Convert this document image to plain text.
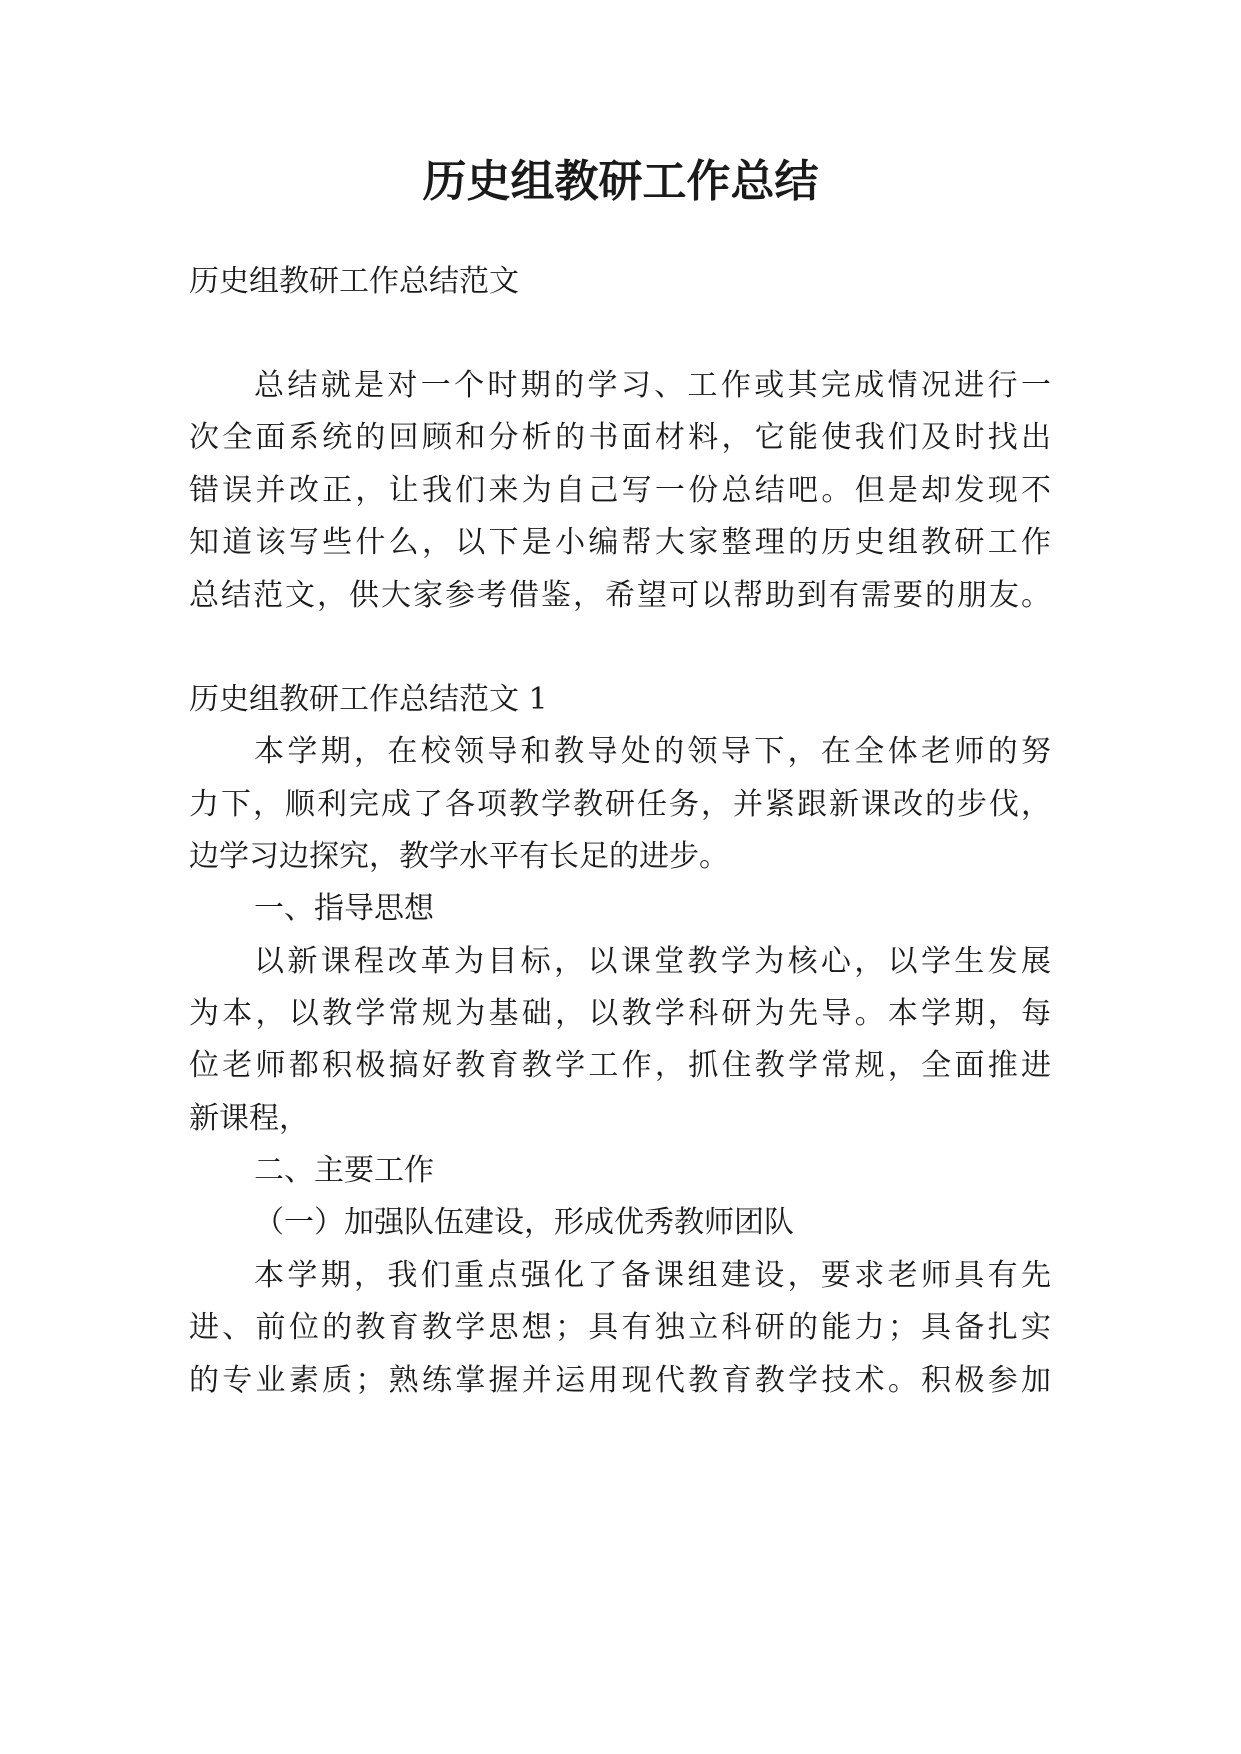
历史组教研工作总结

历史组教研工作总结范文

总结就是对一个时期的学习、工作或其完成情况进行一

次全面系统的回顾和分析的书面材料，它能使我们及时找出

错误并改正，让我们来为自己写一份总结吧。但是却发现不

知道该写些什么，以下是小编帮大家整理的历史组教研工作

总结范文，供大家参考借鉴，希望可以帮助到有需要的朋友。

历史组教研工作总结范文 1

本学期，在校领导和教导处的领导下，在全体老师的努

力下，顺利完成了各项教学教研任务，并紧跟新课改的步伐，

边学习边探究，教学水平有长足的进步。

一、指导思想

以新课程改革为目标，以课堂教学为核心，以学生发展

为本，以教学常规为基础，以教学科研为先导。本学期，每

位老师都积极搞好教育教学工作，抓住教学常规，全面推进

新课程，

二、主要工作

（一）加强队伍建设，形成优秀教师团队

本学期，我们重点强化了备课组建设，要求老师具有先

进、前位的教育教学思想；具有独立科研的能力；具备扎实

的专业素质；熟练掌握并运用现代教育教学技术。积极参加
